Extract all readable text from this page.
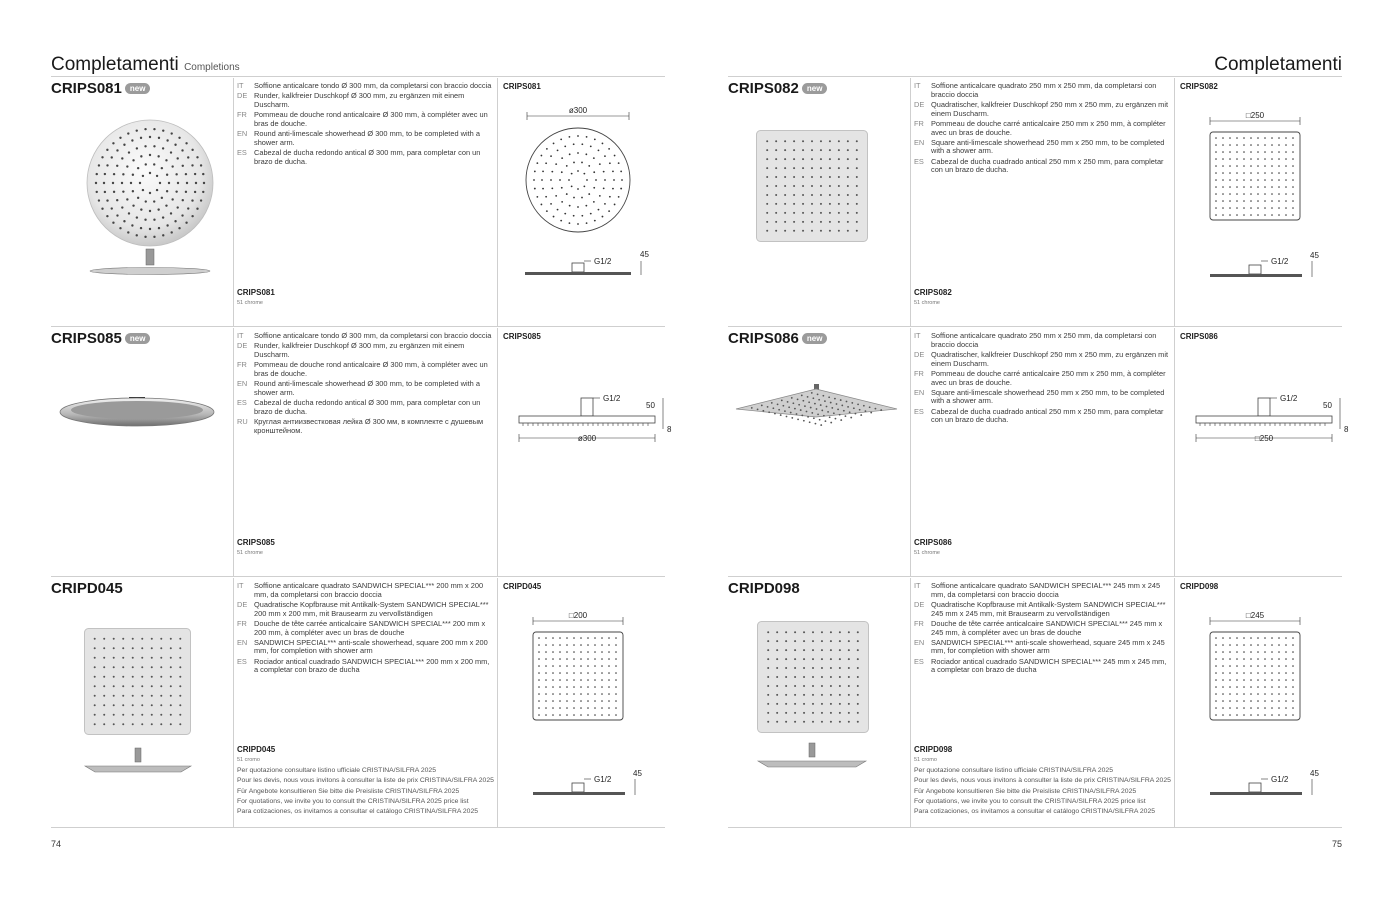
Completamenti Completions
74
CRIPS081 new	IT	Soffione anticalcare tondo Ø 300 mm, da completarsi con braccio doccia
DE Runder, kalkfreier Duschkopf Ø 300 mm, zu ergänzen mit einem Duscharm.
FR Pommeau de douche rond anticalcaire Ø 300 mm, à compléter avec un bras de douche.
EN Round anti-limescale showerhead Ø 300 mm, to be completed with a shower arm.
ES Cabezal de ducha redondo antical Ø 300 mm, para completar con un brazo de ducha.
CRIPS081
CRIPS081
51 chrome
ø300
G1/2
45
CRIPS085 new	IT	Soffione anticalcare tondo Ø 300 mm, da completarsi con braccio doccia
DE Runder, kalkfreier Duschkopf Ø 300 mm, zu ergänzen mit einem Duscharm.
FR Pommeau de douche rond anticalcaire Ø 300 mm, à compléter avec un bras de douche.
EN Round anti-limescale showerhead Ø 300 mm, to be completed with a shower arm.
ES Cabezal de ducha redondo antical Ø 300 mm, para completar con un brazo de ducha.
RU Круглая антиизвестковая лейка Ø 300 мм, в комплекте с душевым кронштейном.
CRIPS085
CRIPS085
51 chrome
G1/2
50
8
ø300
CRIPD045	IT	Soffione anticalcare quadrato SANDWICH SPECIAL*** 200 mm x 200 mm, da completarsi con braccio doccia
DE Quadratische Kopfbrause mit Antikalk-System SANDWICH SPECIAL*** 200 mm x 200 mm, mit Brausearm zu vervollständigen
FR Douche de tête carrée anticalcaire SANDWICH SPECIAL*** 200 mm x 200 mm, à compléter avec un bras de douche
EN SANDWICH SPECIAL*** anti-scale showerhead, square 200 mm x 200 mm, for completion with shower arm
ES Rociador antical cuadrado SANDWICH SPECIAL*** 200 mm x 200 mm, a completar con brazo de ducha
CRIPD045
CRIPD045
51 cromo
Per quotazione consultare listino ufficiale CRISTINA/SILFRA 2025
Pour les devis, nous vous invitons à consulter la liste de prix CRISTINA/SILFRA 2025
Für Angebote konsultieren Sie bitte die Preisliste CRISTINA/SILFRA 2025
For quotations, we invite you to consult the CRISTINA/SILFRA 2025 price list
Para cotizaciones, os invitamos a consultar el catálogo CRISTINA/SILFRA 2025
□200
G1/2
45
Completamenti
75
CRIPS082 new	IT	Soffione anticalcare quadrato 250 mm x 250 mm, da completarsi con braccio doccia
DE Quadratischer, kalkfreier Duschkopf 250 mm x 250 mm, zu ergänzen mit einem Duscharm.
FR Pommeau de douche carré anticalcaire 250 mm x 250 mm, à compléter avec un bras de douche.
EN Square anti-limescale showerhead 250 mm x 250 mm, to be completed with a shower arm.
ES Cabezal de ducha cuadrado antical 250 mm x 250 mm, para completar con un brazo de ducha.
CRIPS082
CRIPS082
51 chrome
□250
G1/2
45
CRIPS086 new	IT	Soffione anticalcare quadrato 250 mm x 250 mm, da completarsi con braccio doccia
DE Quadratischer, kalkfreier Duschkopf 250 mm x 250 mm, zu ergänzen mit einem Duscharm.
FR Pommeau de douche carré anticalcaire 250 mm x 250 mm, à compléter avec un bras de douche.
EN Square anti-limescale showerhead 250 mm x 250 mm, to be completed with a shower arm.
ES Cabezal de ducha cuadrado antical 250 mm x 250 mm, para completar con un brazo de ducha.
CRIPS086
CRIPS086
51 chrome
G1/2
50
8
□250
CRIPD098	IT	Soffione anticalcare quadrato SANDWICH SPECIAL*** 245 mm x 245 mm, da completarsi con braccio doccia
DE Quadratische Kopfbrause mit Antikalk-System SANDWICH SPECIAL*** 245 mm x 245 mm, mit Brausearm zu vervollständigen
FR Douche de tête carrée anticalcaire SANDWICH SPECIAL*** 245 mm x 245 mm, à compléter avec un bras de douche
EN SANDWICH SPECIAL*** anti-scale showerhead, square 245 mm x 245 mm, for completion with shower arm
ES Rociador antical cuadrado SANDWICH SPECIAL*** 245 mm x 245 mm, a completar con brazo de ducha
CRIPD098
CRIPD098
51 cromo
Per quotazione consultare listino ufficiale CRISTINA/SILFRA 2025
Pour les devis, nous vous invitons à consulter la liste de prix CRISTINA/SILFRA 2025
Für Angebote konsultieren Sie bitte die Preisliste CRISTINA/SILFRA 2025
For quotations, we invite you to consult the CRISTINA/SILFRA 2025 price list
Para cotizaciones, os invitamos a consultar el catálogo CRISTINA/SILFRA 2025
□245
G1/2
45
